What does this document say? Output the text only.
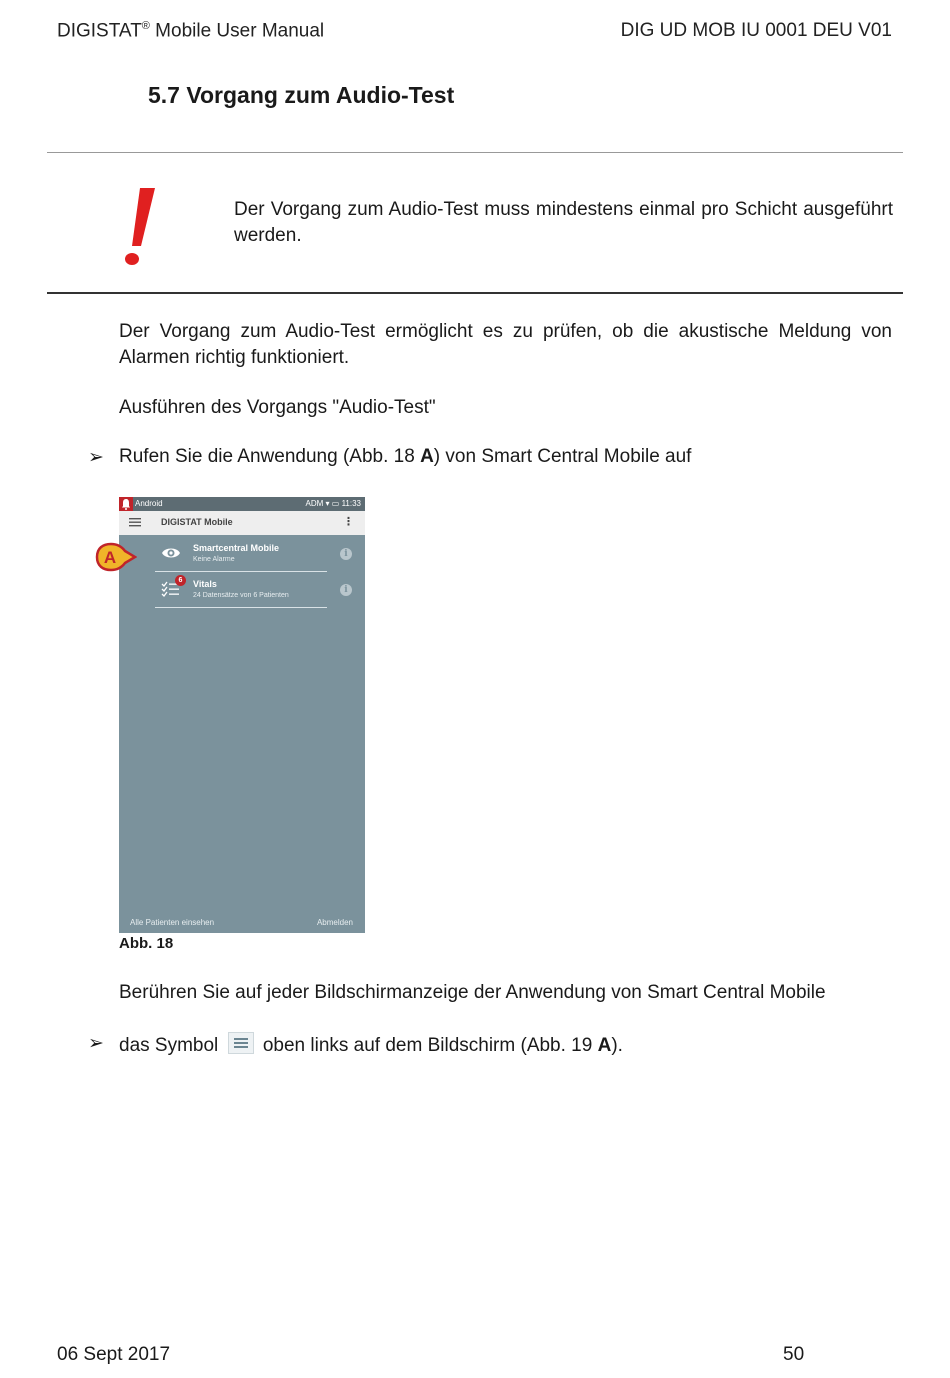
DIGISTAT® Mobile User Manual	DIG UD MOB IU 0001 DEU V01
5.7 Vorgang zum Audio-Test
Der Vorgang zum Audio-Test muss mindestens einmal pro Schicht ausgeführt werden.
Der Vorgang zum Audio-Test ermöglicht es zu prüfen, ob die akustische Meldung von Alarmen richtig funktioniert.
Ausführen des Vorgangs "Audio-Test"
➢ Rufen Sie die Anwendung (Abb. 18 A) von Smart Central Mobile auf
Android	ADM ▾ ▭ 11:33
DIGISTAT Mobile	⋮
Smartcentral Mobile
Keine Alarme
i
6	Vitals
24 Datensätze von 6 Patienten
i
Alle Patienten einsehen	Abmelden
A
Abb. 18
Berühren Sie auf jeder Bildschirmanzeige der Anwendung von Smart Central Mobile
➢ das Symbol
oben links auf dem Bildschirm (Abb. 19 A).
06 Sept 2017	50
